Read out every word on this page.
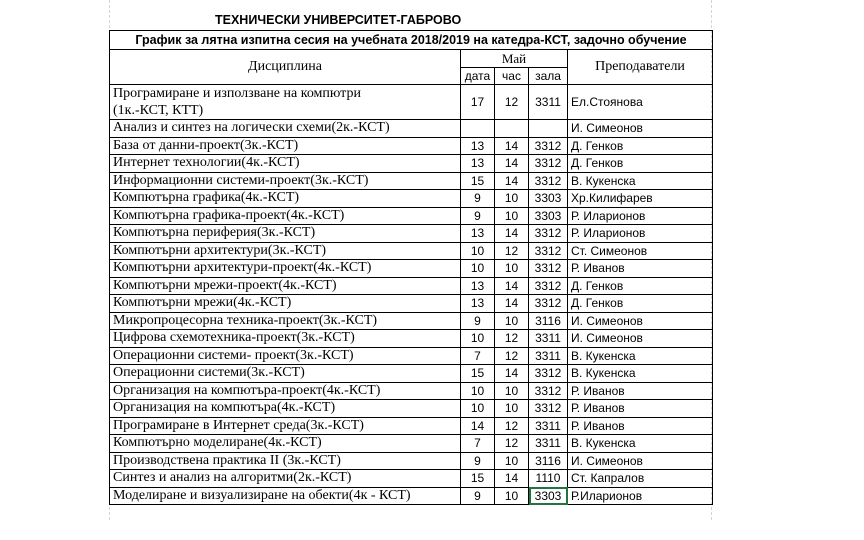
ТЕХНИЧЕСКИ УНИВЕРСИТЕТ-ГАБРОВО
График за лятна изпитна сесия на учебната 2018/2019 на катедра-КСТ, задочно обучение				
Дисциплина	Май			Преподаватели
	дата	час	зала	

Програмиране и използване на компютри
(1к.-КСТ, КТТ)	17	12	3311	Ел.Стоянова
Анализ и синтез на логически схеми(2к.-КСТ)				И. Симеонов
База от данни-проект(3к.-КСТ)	13	14	3312	Д. Генков
Интернет технологии(4к.-КСТ)	13	14	3312	Д. Генков
Информационни системи-проект(3к.-КСТ)	15	14	3312	В. Кукенска
Компютърна графика(4к.-КСТ)	9	10	3303	Хр.Килифарев
Компютърна графика-проект(4к.-КСТ)	9	10	3303	Р. Иларионов
Компютърна периферия(3к.-КСТ)	13	14	3312	Р. Иларионов
Компютърни архитектури(3к.-КСТ)	10	12	3312	Ст. Симеонов
Компютърни архитектури-проект(4к.-КСТ)	10	10	3312	Р. Иванов
Компютърни мрежи-проект(4к.-КСТ)	13	14	3312	Д. Генков
Компютърни мрежи(4к.-КСТ)	13	14	3312	Д. Генков
Микропроцесорна техника-проект(3к.-КСТ)	9	10	3116	И. Симеонов
Цифрова схемотехника-проект(3к.-КСТ)	10	12	3311	И. Симеонов
Операционни системи- проект(3к.-КСТ)	7	12	3311	В. Кукенска
Операционни системи(3к.-КСТ)	15	14	3312	В. Кукенска
Организация на компютъра-проект(4к.-КСТ)	10	10	3312	Р. Иванов
Организация на компютъра(4к.-КСТ)	10	10	3312	Р. Иванов
Програмиране в Интернет среда(3к.-КСТ)	14	12	3311	Р. Иванов
Компютърно моделиране(4к.-КСТ)	7	12	3311	В. Кукенска
Производствена практика II (3к.-КСТ)	9	10	3116	И. Симеонов
Синтез и анализ на алгоритми(2к.-КСТ)	15	14	1110	Ст. Капралов
Моделиране и визуализиране на обекти(4к - КСТ)	9	10	3303	Р.Иларионов
